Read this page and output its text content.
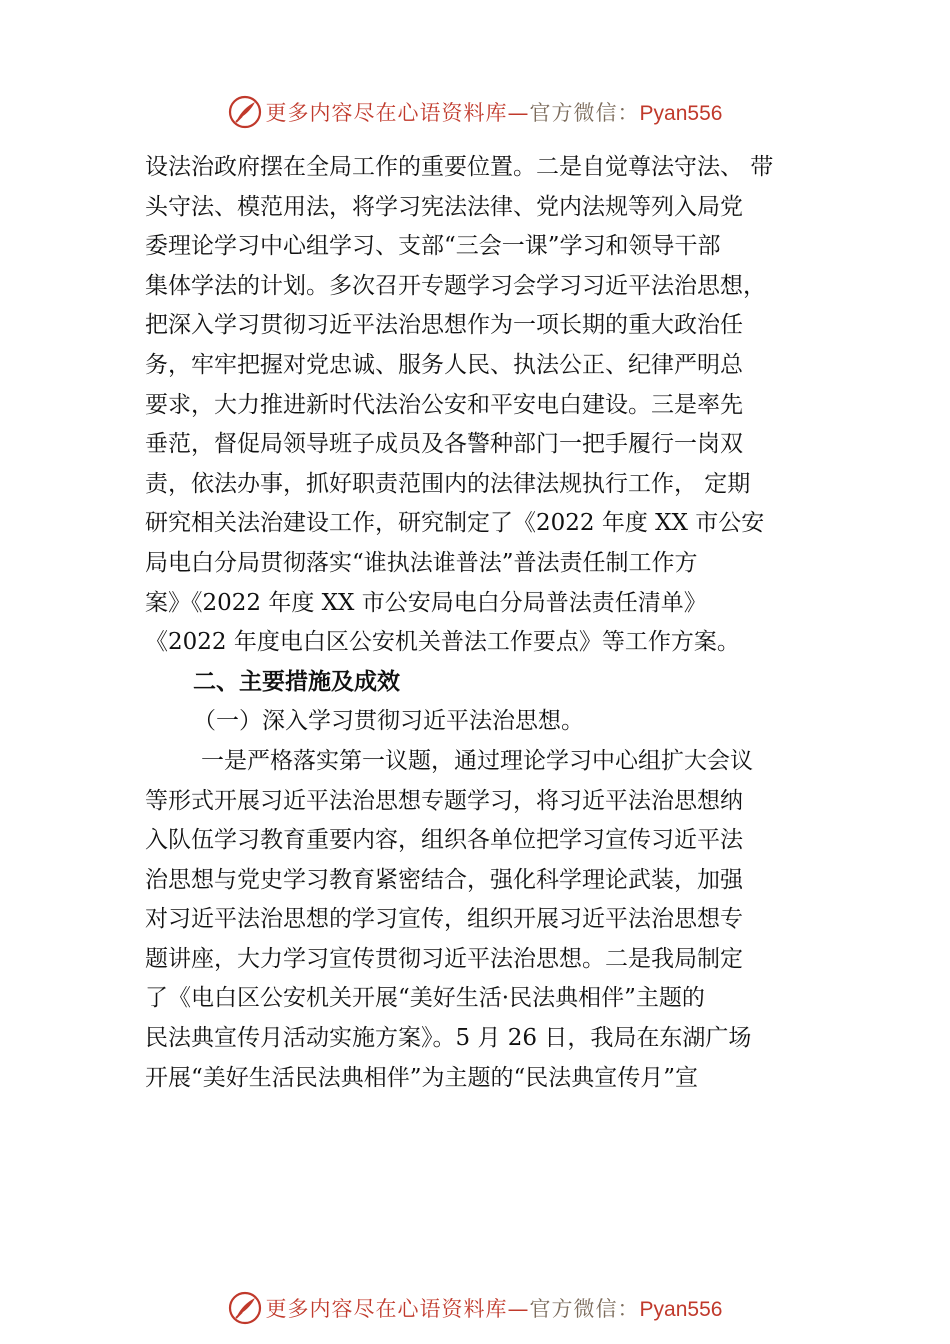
更多内容尽在心语资料库—官方微信：Pyan556
设法治政府摆在全局工作的重要位置。二是自觉尊法守法、 带
头守法、模范用法，将学习宪法法律、党内法规等列入局党
委理论学习中心组学习、支部“三会一课”学习和领导干部
集体学法的计划。多次召开专题学习会学习习近平法治思想，
把深入学习贯彻习近平法治思想作为一项长期的重大政治任
务，牢牢把握对党忠诚、服务人民、执法公正、纪律严明总
要求，大力推进新时代法治公安和平安电白建设。三是率先
垂范，督促局领导班子成员及各警种部门一把手履行一岗双
责，依法办事，抓好职责范围内的法律法规执行工作， 定期
研究相关法治建设工作，研究制定了《2022 年度 XX 市公安
局电白分局贯彻落实“谁执法谁普法”普法责任制工作方
案》《2022 年度 XX 市公安局电白分局普法责任清单》
《2022 年度电白区公安机关普法工作要点》等工作方案。
二、主要措施及成效
（一）深入学习贯彻习近平法治思想。
一是严格落实第一议题，通过理论学习中心组扩大会议
等形式开展习近平法治思想专题学习，将习近平法治思想纳
入队伍学习教育重要内容，组织各单位把学习宣传习近平法
治思想与党史学习教育紧密结合，强化科学理论武装，加强
对习近平法治思想的学习宣传，组织开展习近平法治思想专
题讲座，大力学习宣传贯彻习近平法治思想。二是我局制定
了《电白区公安机关开展“美好生活·民法典相伴”主题的
民法典宣传月活动实施方案》。5 月 26 日，我局在东湖广场
开展“美好生活民法典相伴”为主题的“民法典宣传月”宣
更多内容尽在心语资料库—官方微信：Pyan556
